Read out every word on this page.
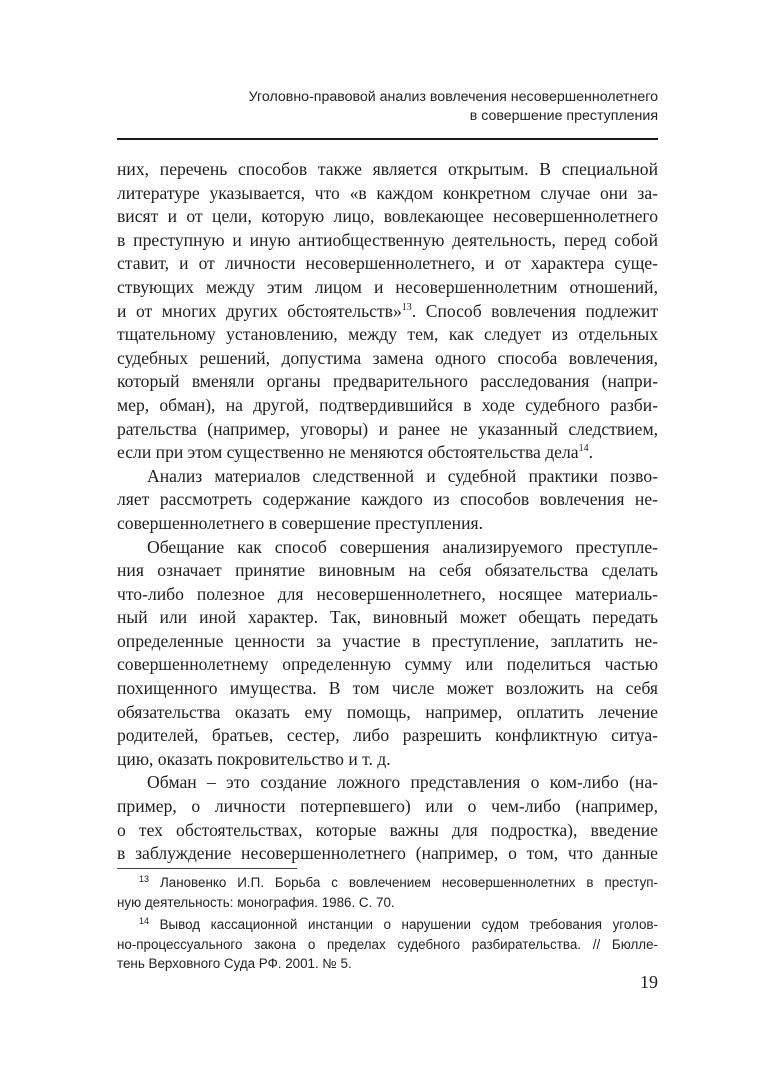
Уголовно-правовой анализ вовлечения несовершеннолетнего
в совершение преступления
них, перечень способов также является открытым. В специальной
литературе указывается, что «в каждом конкретном случае они за-
висят и от цели, которую лицо, вовлекающее несовершеннолетнего
в преступную и иную антиобщественную деятельность, перед собой
ставит, и от личности несовершеннолетнего, и от характера суще-
ствующих между этим лицом и несовершеннолетним отношений,
и от многих других обстоятельств»$^{13}$. Способ вовлечения подлежит
тщательному установлению, между тем, как следует из отдельных
судебных решений, допустима замена одного способа вовлечения,
который вменяли органы предварительного расследования (напри-
мер, обман), на другой, подтвердившийся в ходе судебного разби-
рательства (например, уговоры) и ранее не указанный следствием,
если при этом существенно не меняются обстоятельства дела$^{14}$.
Анализ материалов следственной и судебной практики позво-
ляет рассмотреть содержание каждого из способов вовлечения не-
совершеннолетнего в совершение преступления.
Обещание как способ совершения анализируемого преступле-
ния означает принятие виновным на себя обязательства сделать
что-либо полезное для несовершеннолетнего, носящее материаль-
ный или иной характер. Так, виновный может обещать передать
определенные ценности за участие в преступление, заплатить не-
совершеннолетнему определенную сумму или поделиться частью
похищенного имущества. В том числе может возложить на себя
обязательства оказать ему помощь, например, оплатить лечение
родителей, братьев, сестер, либо разрешить конфликтную ситуа-
цию, оказать покровительство и т. д.
Обман – это создание ложного представления о ком-либо (на-
пример, о личности потерпевшего) или о чем-либо (например,
о тех обстоятельствах, которые важны для подростка), введение
в заблуждение несовершеннолетнего (например, о том, что данные
$^{13}$ Лановенко И.П. Борьба с вовлечением несовершеннолетних в преступ-
ную деятельность: монография. 1986. С. 70.
$^{14}$ Вывод кассационной инстанции о нарушении судом требования уголов-
но-процессуального закона о пределах судебного разбирательства. // Бюлле-
тень Верховного Суда РФ. 2001. № 5.
19
